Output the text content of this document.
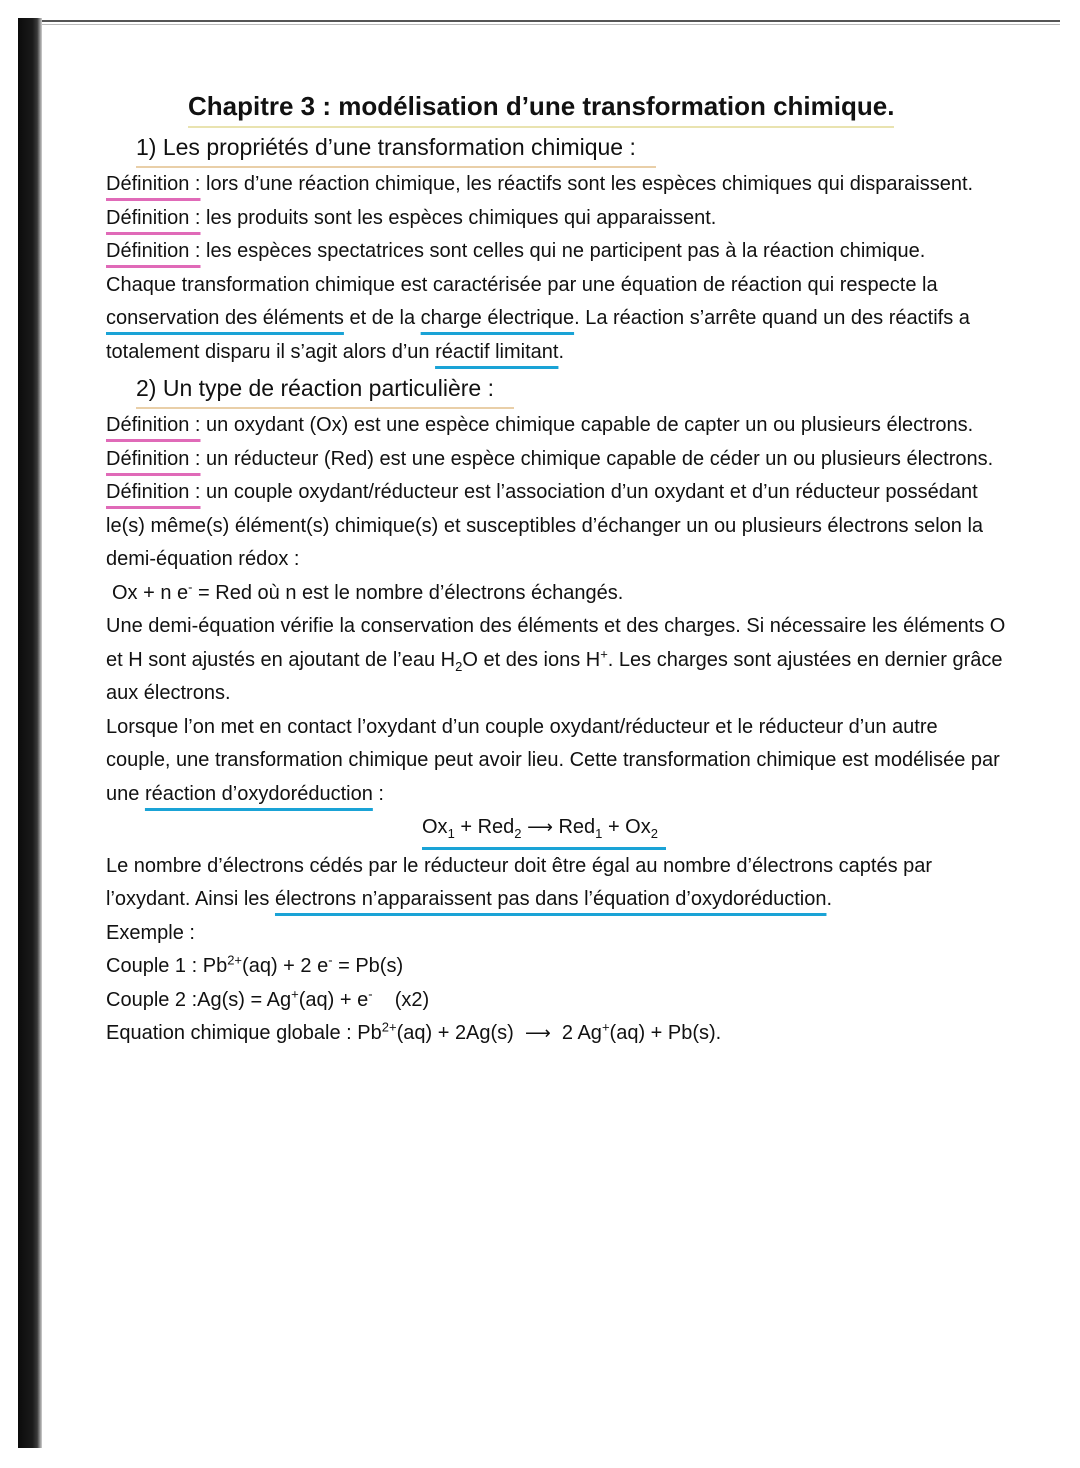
Chapitre 3 : modélisation d’une transformation chimique.
1) Les propriétés d’une transformation chimique :

Définition : lors d’une réaction chimique, les réactifs sont les espèces chimiques qui disparaissent.

Définition : les produits sont les espèces chimiques qui apparaissent.

Définition : les espèces spectatrices sont celles qui ne participent pas à la réaction chimique.

Chaque transformation chimique est caractérisée par une équation de réaction qui respecte la conservation des éléments et de la charge électrique. La réaction s’arrête quand un des réactifs a totalement disparu il s’agit alors d’un réactif limitant.

2) Un type de réaction particulière :

Définition : un oxydant (Ox) est une espèce chimique capable de capter un ou plusieurs électrons.

Définition : un réducteur (Red) est une espèce chimique capable de céder un ou plusieurs électrons.

Définition : un couple oxydant/réducteur est l’association d’un oxydant et d’un réducteur possédant le(s) même(s) élément(s) chimique(s) et susceptibles d’échanger un ou plusieurs électrons selon la demi-équation rédox :

Ox + n e- = Red où n est le nombre d’électrons échangés.

Une demi-équation vérifie la conservation des éléments et des charges. Si nécessaire les éléments O et H sont ajustés en ajoutant de l’eau $H_2O$ et des ions H+. Les charges sont ajustées en dernier grâce aux électrons.

Lorsque l’on met en contact l’oxydant d’un couple oxydant/réducteur et le réducteur d’un autre couple, une transformation chimique peut avoir lieu. Cette transformation chimique est modélisée par une réaction d’oxydoréduction :

$Ox_1 + Red_2$ ⟶ $Red_1 + Ox_2$

Le nombre d’électrons cédés par le réducteur doit être égal au nombre d’électrons captés par l’oxydant. Ainsi les électrons n’apparaissent pas dans l’équation d’oxydoréduction.

Exemple :

Couple 1 : $Pb^{2+}(aq) + 2$ e- = Pb(s)

Couple 2 :Ag(s) = Ag+(aq) + e-    (x2)

Equation chimique globale : $Pb^{2+}(aq) + 2Ag(s)$  ⟶  2 Ag+(aq) + Pb(s).
